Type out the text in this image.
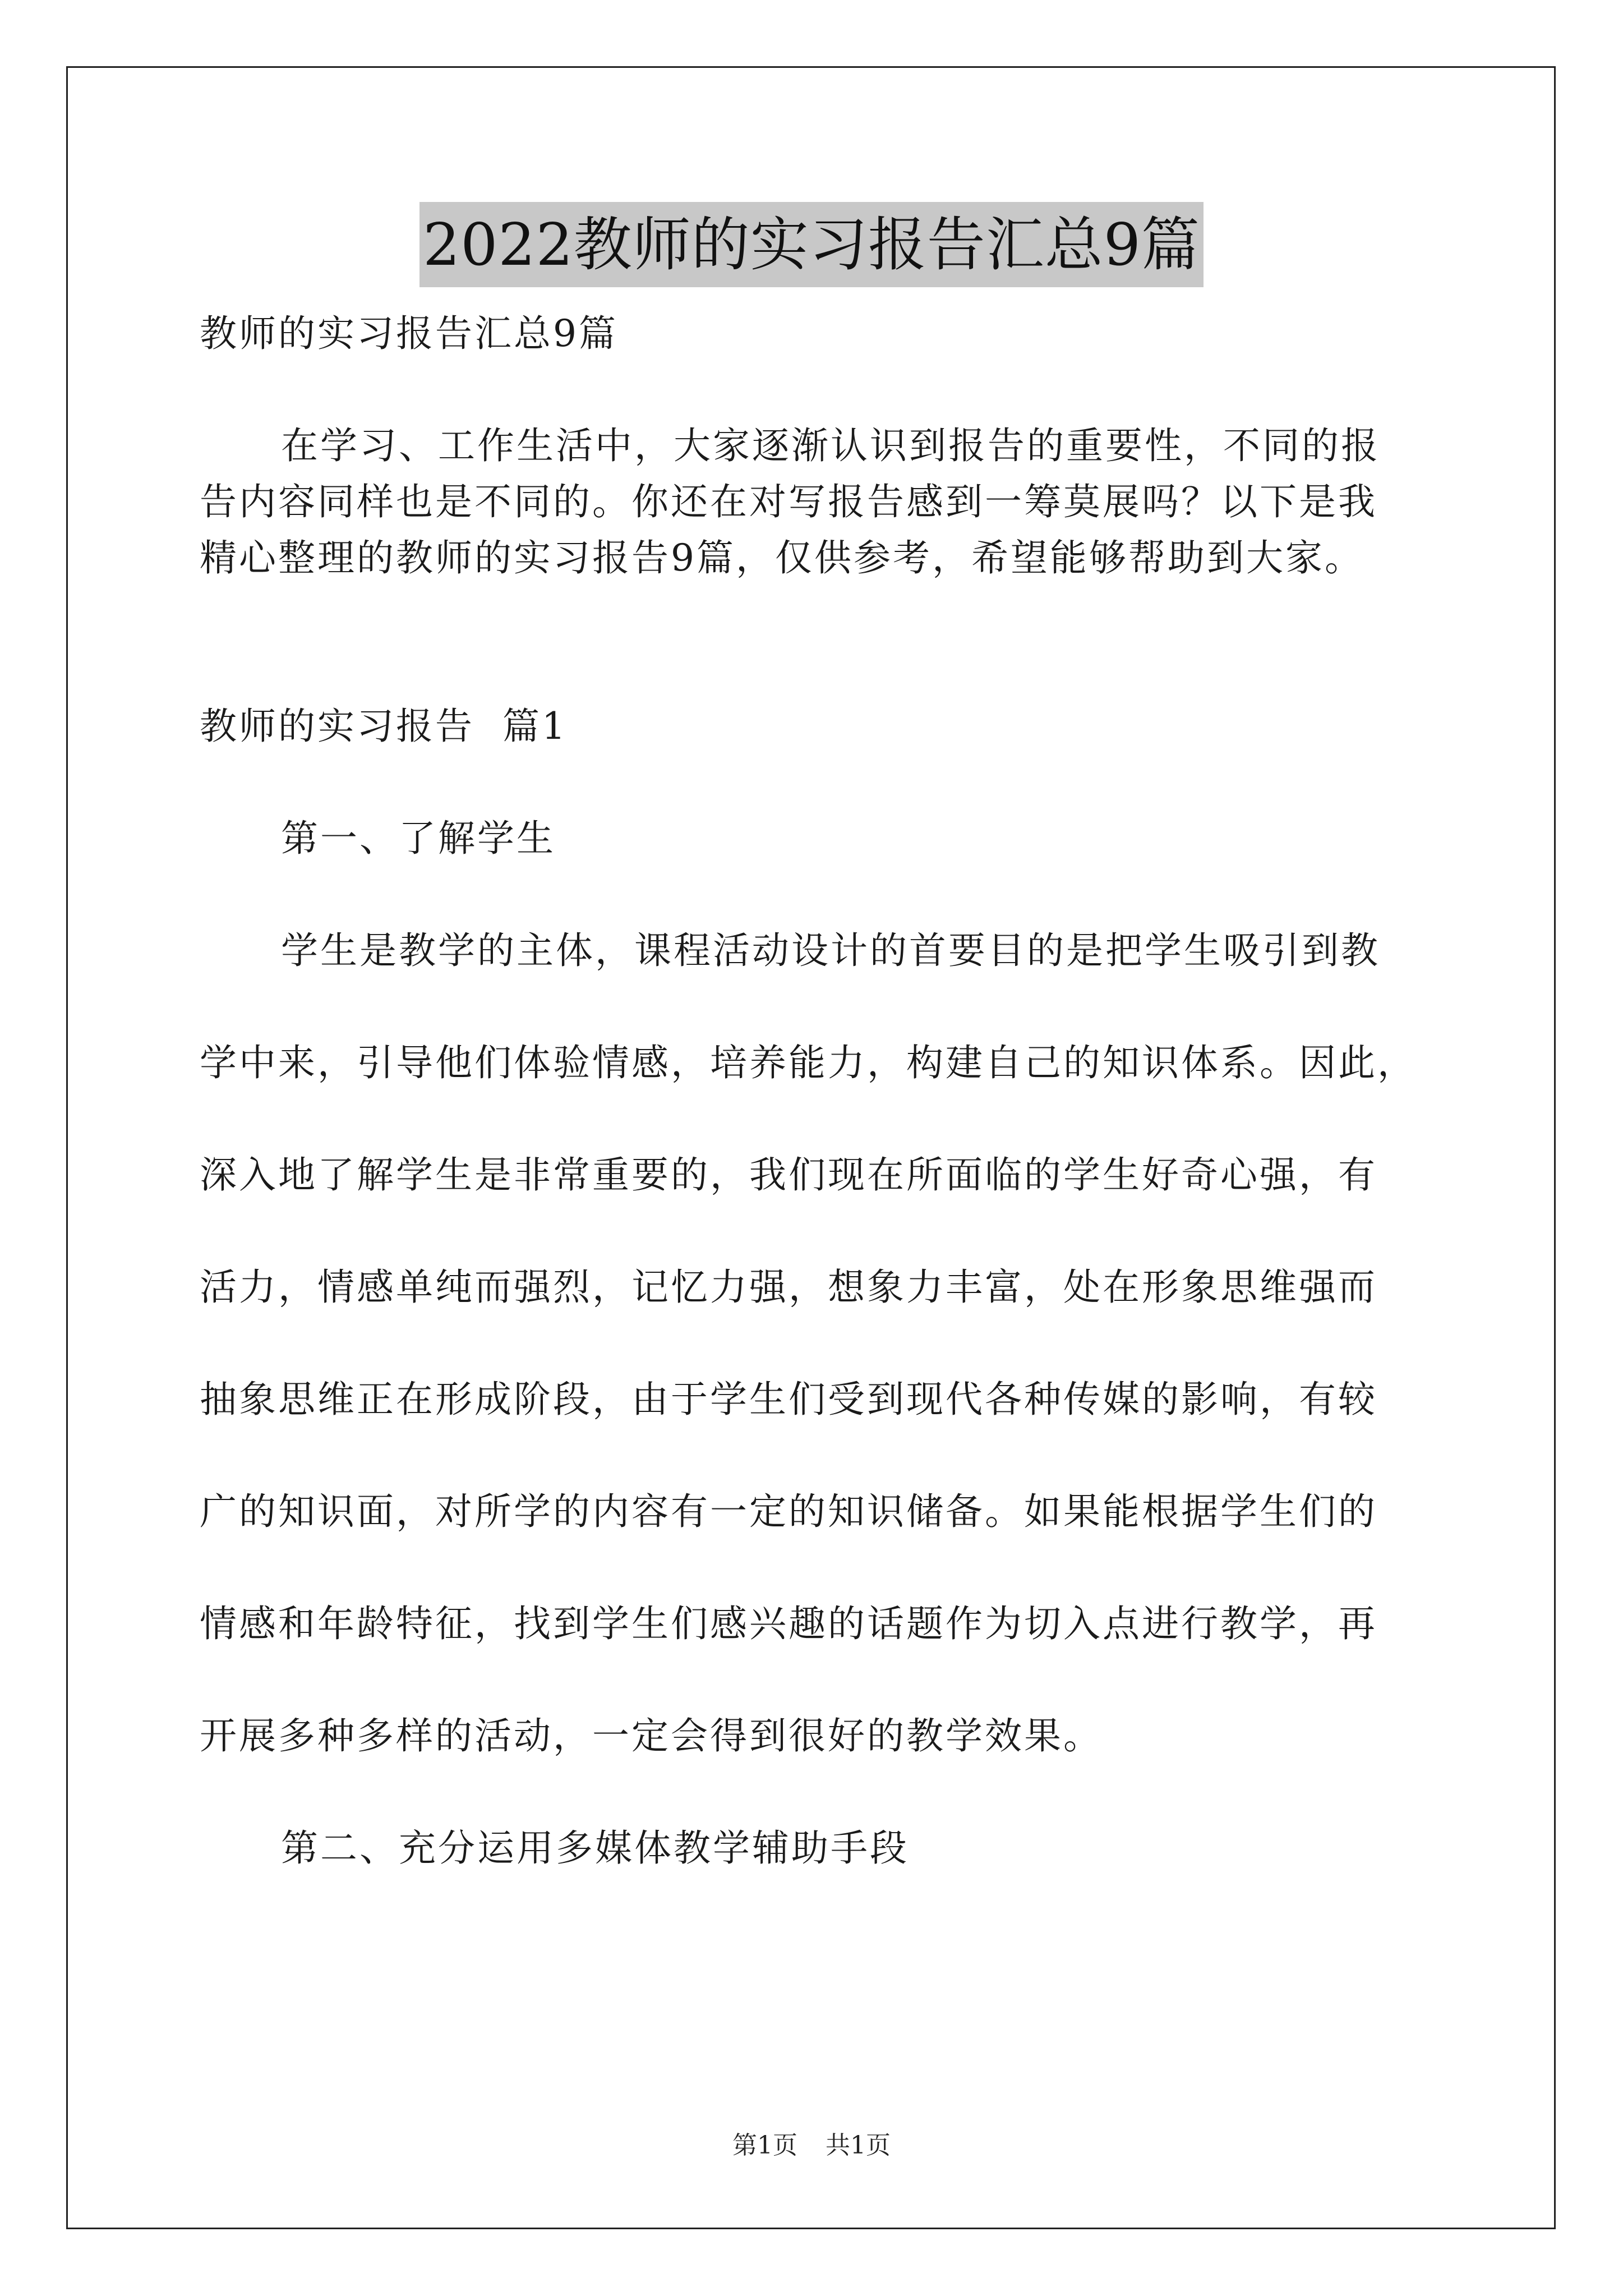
2022教师的实习报告汇总9篇
教师的实习报告汇总9篇
在学习、工作生活中，大家逐渐认识到报告的重要性，不同的报
告内容同样也是不同的。你还在对写报告感到一筹莫展吗？以下是我
精心整理的教师的实习报告9篇，仅供参考，希望能够帮助到大家。
教师的实习报告  篇1
第一、了解学生
学生是教学的主体，课程活动设计的首要目的是把学生吸引到教
学中来，引导他们体验情感，培养能力，构建自己的知识体系。因此，
深入地了解学生是非常重要的，我们现在所面临的学生好奇心强，有
活力，情感单纯而强烈，记忆力强，想象力丰富，处在形象思维强而
抽象思维正在形成阶段，由于学生们受到现代各种传媒的影响，有较
广的知识面，对所学的内容有一定的知识储备。如果能根据学生们的
情感和年龄特征，找到学生们感兴趣的话题作为切入点进行教学，再
开展多种多样的活动，一定会得到很好的教学效果。
第二、充分运用多媒体教学辅助手段
第1页 共1页
